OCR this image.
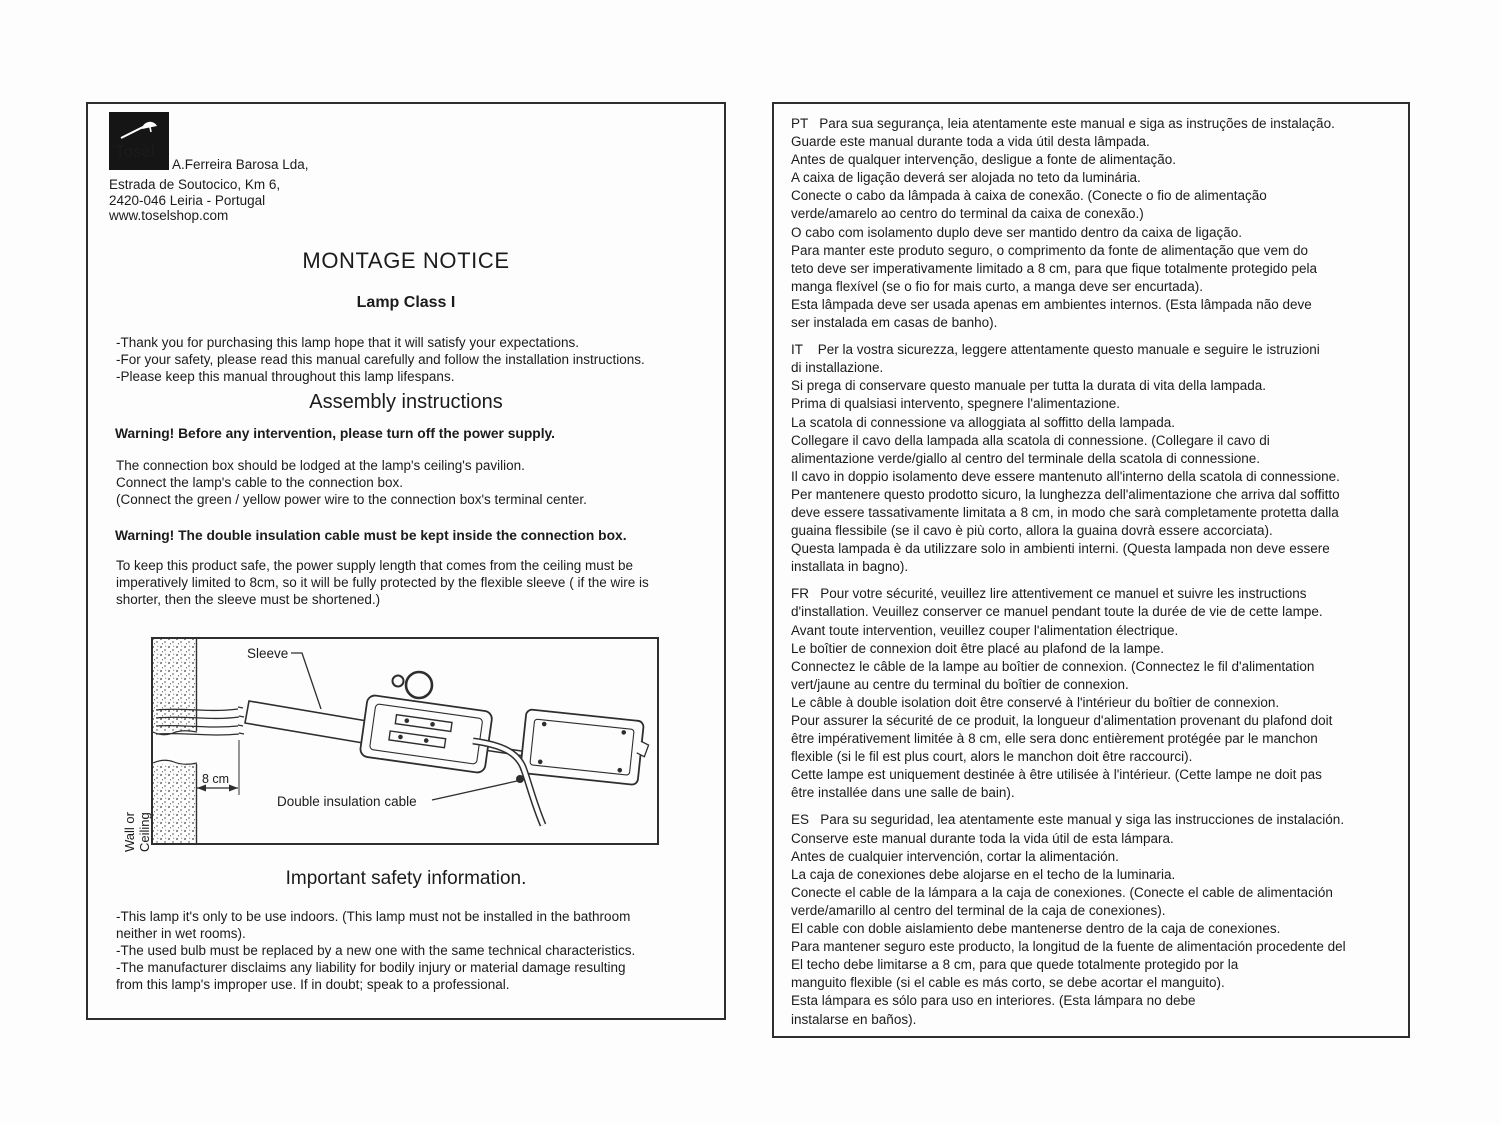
Tosel
A.Ferreira Barosa Lda,
Estrada de Soutocico, Km 6,
2420-046 Leiria - Portugal
www.toselshop.com
MONTAGE NOTICE
Lamp Class I
-Thank you for purchasing this lamp hope that it will satisfy your expectations.
-For your safety, please read this manual carefully and follow the installation instructions.
-Please keep this manual throughout this lamp lifespans.
Assembly instructions
Warning! Before any intervention, please turn off the power supply.
The connection box should be lodged at the lamp's ceiling's pavilion.
Connect the lamp's cable to the connection box.
(Connect the green / yellow power wire to the connection box's terminal center.
Warning! The double insulation cable must be kept inside the connection box.
To keep this product safe, the power supply length that comes from the ceiling must be
imperatively limited to 8cm, so it will be fully protected by the flexible sleeve ( if the wire is
shorter, then the sleeve must be shortened.)
Wall or Ceiling
8 cm
Sleeve
Double insulation cable
Important safety information.
-This lamp it's only to be use indoors. (This lamp must not be installed in the bathroom
neither in wet rooms).
-The used bulb must be replaced by a new one with the same technical characteristics.
-The manufacturer disclaims any liability for bodily injury or material damage resulting
from this lamp's improper use. If in doubt; speak to a professional.
PT   Para sua segurança, leia atentamente este manual e siga as instruções de instalação.
Guarde este manual durante toda a vida útil desta lâmpada.
Antes de qualquer intervenção, desligue a fonte de alimentação.
A caixa de ligação deverá ser alojada no teto da luminária.
Conecte o cabo da lâmpada à caixa de conexão. (Conecte o fio de alimentação
verde/amarelo ao centro do terminal da caixa de conexão.)
O cabo com isolamento duplo deve ser mantido dentro da caixa de ligação.
Para manter este produto seguro, o comprimento da fonte de alimentação que vem do
teto deve ser imperativamente limitado a 8 cm, para que fique totalmente protegido pela
manga flexível (se o fio for mais curto, a manga deve ser encurtada).
Esta lâmpada deve ser usada apenas em ambientes internos. (Esta lâmpada não deve
ser instalada em casas de banho).
IT    Per la vostra sicurezza, leggere attentamente questo manuale e seguire le istruzioni
di installazione.
Si prega di conservare questo manuale per tutta la durata di vita della lampada.
Prima di qualsiasi intervento, spegnere l'alimentazione.
La scatola di connessione va alloggiata al soffitto della lampada.
Collegare il cavo della lampada alla scatola di connessione. (Collegare il cavo di
alimentazione verde/giallo al centro del terminale della scatola di connessione.
Il cavo in doppio isolamento deve essere mantenuto all'interno della scatola di connessione.
Per mantenere questo prodotto sicuro, la lunghezza dell'alimentazione che arriva dal soffitto
deve essere tassativamente limitata a 8 cm, in modo che sarà completamente protetta dalla
guaina flessibile (se il cavo è più corto, allora la guaina dovrà essere accorciata).
Questa lampada è da utilizzare solo in ambienti interni. (Questa lampada non deve essere
installata in bagno).
FR   Pour votre sécurité, veuillez lire attentivement ce manuel et suivre les instructions
d'installation. Veuillez conserver ce manuel pendant toute la durée de vie de cette lampe.
Avant toute intervention, veuillez couper l'alimentation électrique.
Le boîtier de connexion doit être placé au plafond de la lampe.
Connectez le câble de la lampe au boîtier de connexion. (Connectez le fil d'alimentation
vert/jaune au centre du terminal du boîtier de connexion.
Le câble à double isolation doit être conservé à l'intérieur du boîtier de connexion.
Pour assurer la sécurité de ce produit, la longueur d'alimentation provenant du plafond doit
être impérativement limitée à 8 cm, elle sera donc entièrement protégée par le manchon
flexible (si le fil est plus court, alors le manchon doit être raccourci).
Cette lampe est uniquement destinée à être utilisée à l'intérieur. (Cette lampe ne doit pas
être installée dans une salle de bain).
ES   Para su seguridad, lea atentamente este manual y siga las instrucciones de instalación.
Conserve este manual durante toda la vida útil de esta lámpara.
Antes de cualquier intervención, cortar la alimentación.
La caja de conexiones debe alojarse en el techo de la luminaria.
Conecte el cable de la lámpara a la caja de conexiones. (Conecte el cable de alimentación
verde/amarillo al centro del terminal de la caja de conexiones).
El cable con doble aislamiento debe mantenerse dentro de la caja de conexiones.
Para mantener seguro este producto, la longitud de la fuente de alimentación procedente del
El techo debe limitarse a 8 cm, para que quede totalmente protegido por la
manguito flexible (si el cable es más corto, se debe acortar el manguito).
Esta lámpara es sólo para uso en interiores. (Esta lámpara no debe
instalarse en baños).
